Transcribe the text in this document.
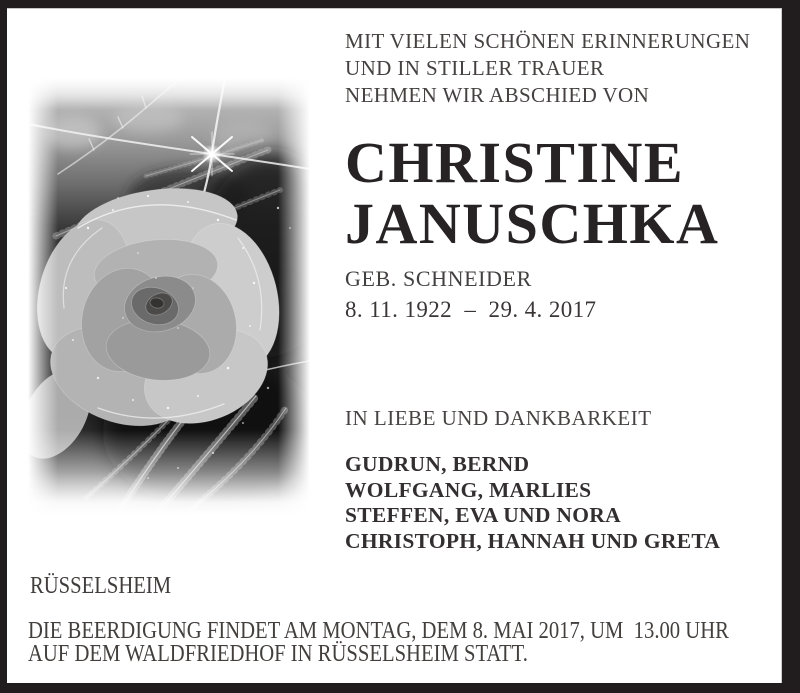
MIT VIELEN SCHÖNEN ERINNERUNGEN
UND IN STILLER TRAUER
NEHMEN WIR ABSCHIED VON
CHRISTINE
JANUSCHKA
GEB. SCHNEIDER
8. 11. 1922  –  29. 4. 2017
IN LIEBE UND DANKBARKEIT
GUDRUN, BERND
WOLFGANG, MARLIES
STEFFEN, EVA UND NORA
CHRISTOPH, HANNAH UND GRETA
RÜSSELSHEIM
DIE BEERDIGUNG FINDET AM MONTAG, DEM 8. MAI 2017, UM  13.00 UHR
AUF DEM WALDFRIEDHOF IN RÜSSELSHEIM STATT.
